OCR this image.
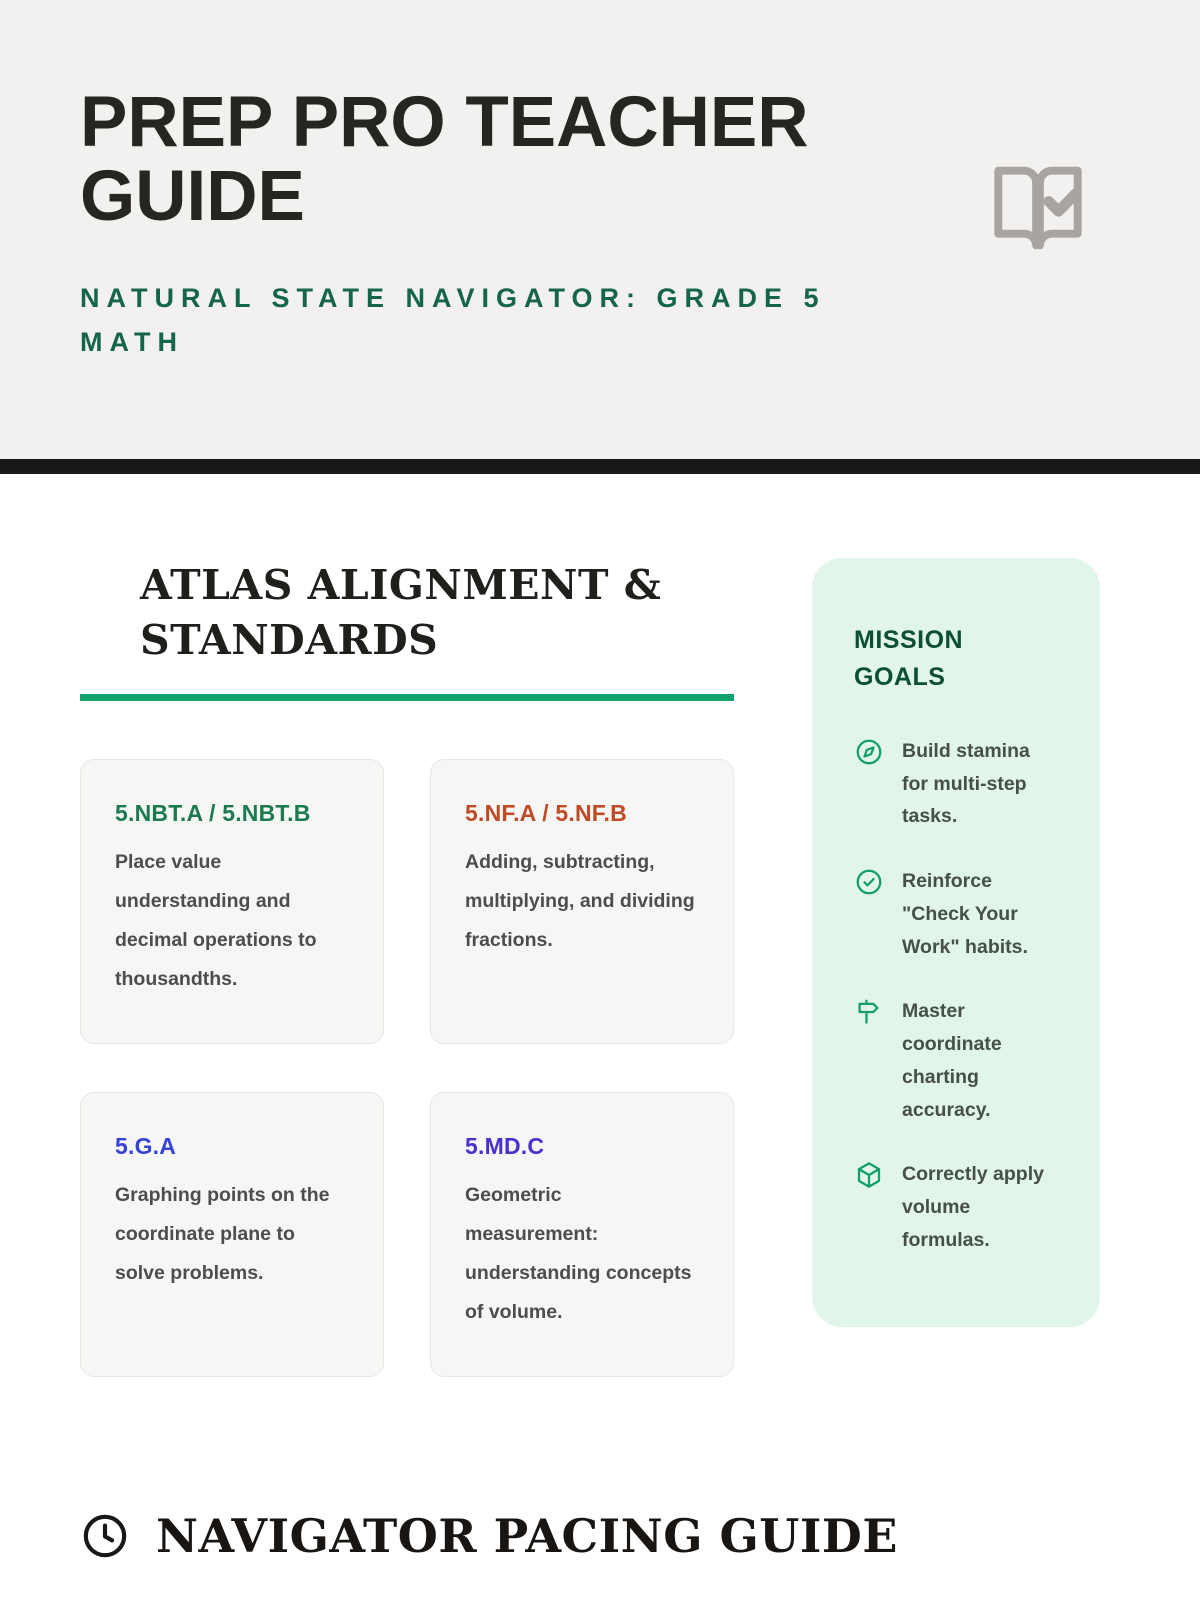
PREP PRO TEACHER GUIDE
NATURAL STATE NAVIGATOR: GRADE 5 MATH
ATLAS ALIGNMENT & STANDARDS
5.NBT.A / 5.NBT.B
Place value understanding and decimal operations to thousandths.
5.NF.A / 5.NF.B
Adding, subtracting, multiplying, and dividing fractions.
5.G.A
Graphing points on the coordinate plane to solve problems.
5.MD.C
Geometric measurement: understanding concepts of volume.
MISSION GOALS
Build stamina for multi-step tasks.
Reinforce "Check Your Work" habits.
Master coordinate charting accuracy.
Correctly apply volume formulas.
NAVIGATOR PACING GUIDE
